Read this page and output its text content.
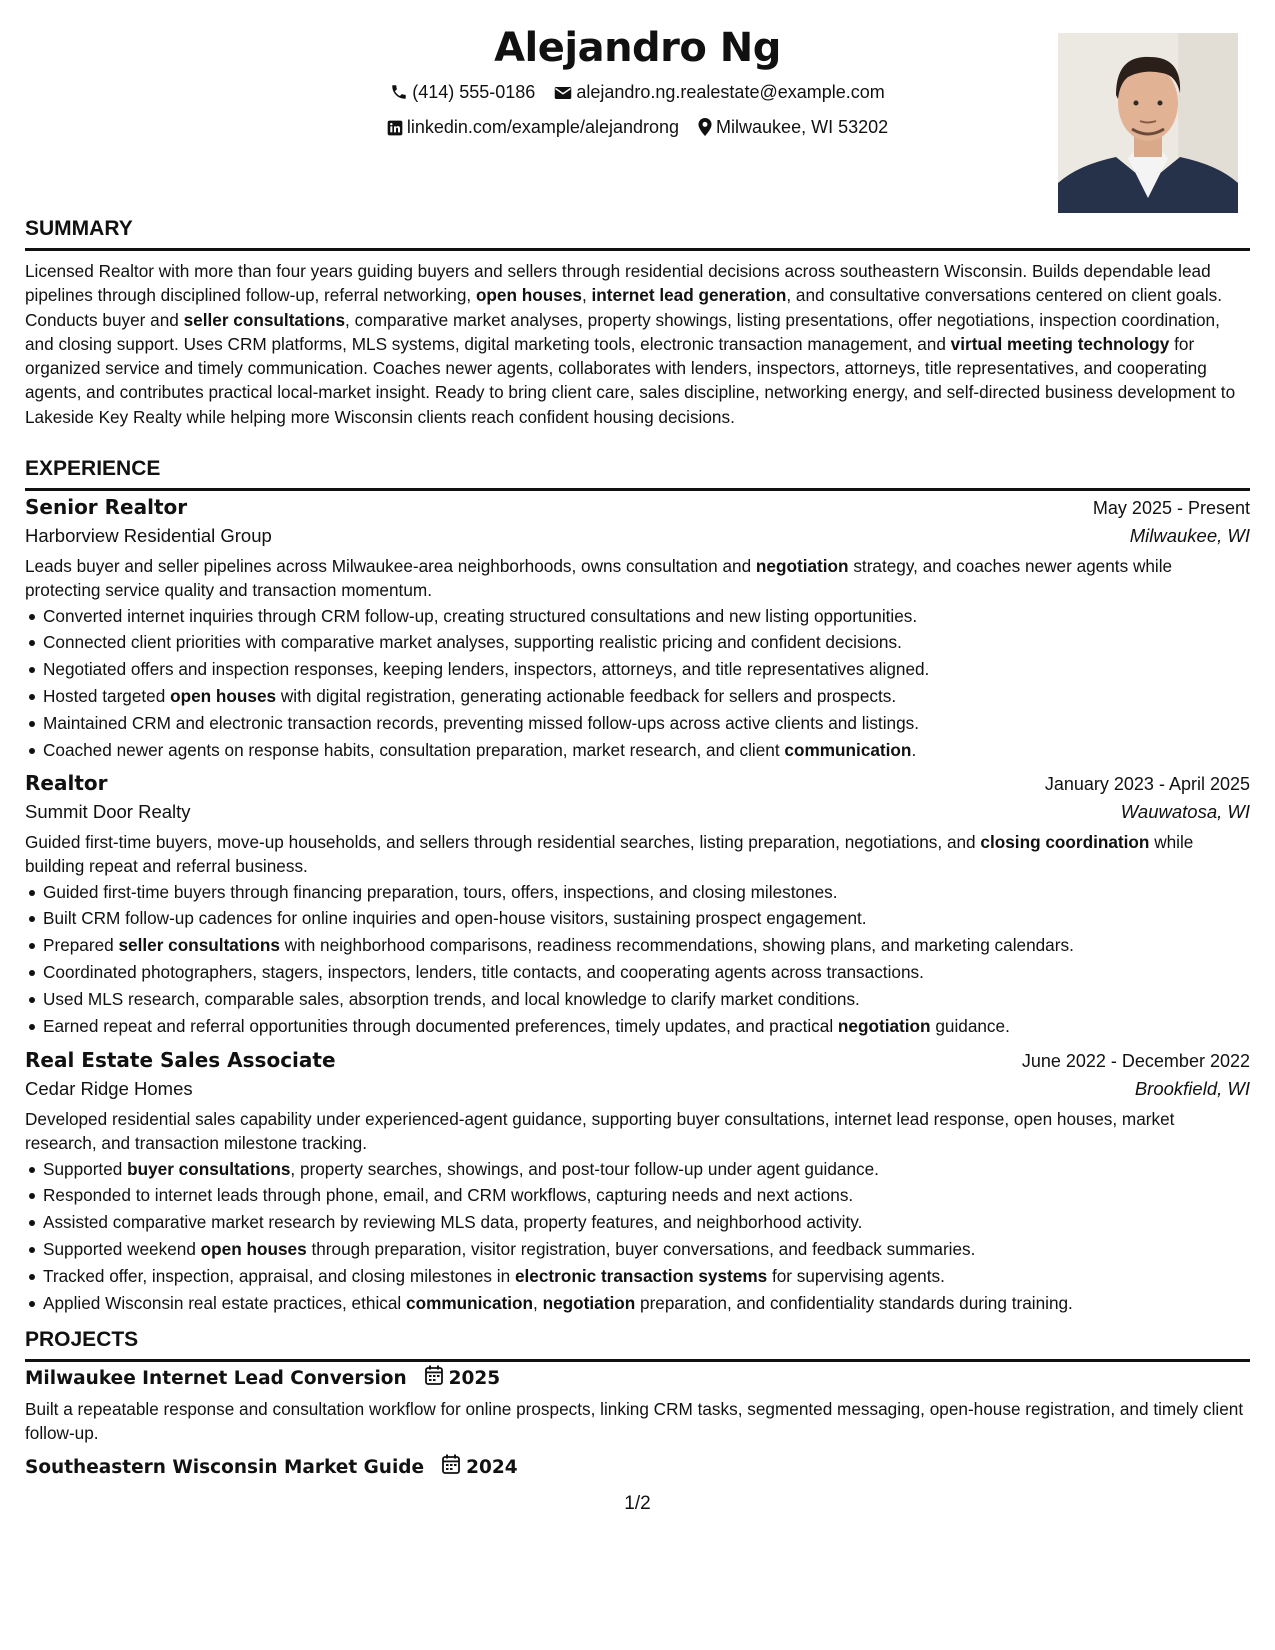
Alejandro Ng
(414) 555-0186 alejandro.ng.realestate@example.com
linkedin.com/example/alejandrong Milwaukee, WI 53202
SUMMARY

Licensed Realtor with more than four years guiding buyers and sellers through residential decisions across southeastern Wisconsin. Builds dependable lead pipelines through disciplined follow-up, referral networking, open houses, internet lead generation, and consultative conversations centered on client goals. Conducts buyer and seller consultations, comparative market analyses, property showings, listing presentations, offer negotiations, inspection coordination, and closing support. Uses CRM platforms, MLS systems, digital marketing tools, electronic transaction management, and virtual meeting technology for organized service and timely communication. Coaches newer agents, collaborates with lenders, inspectors, attorneys, title representatives, and cooperating agents, and contributes practical local-market insight. Ready to bring client care, sales discipline, networking energy, and self-directed business development to Lakeside Key Realty while helping more Wisconsin clients reach confident housing decisions.

EXPERIENCE
Senior Realtor	May 2025 - Present
Harborview Residential Group	Milwaukee, WI

Leads buyer and seller pipelines across Milwaukee-area neighborhoods, owns consultation and negotiation strategy, and coaches newer agents while protecting service quality and transaction momentum.

Converted internet inquiries through CRM follow-up, creating structured consultations and new listing opportunities.
Connected client priorities with comparative market analyses, supporting realistic pricing and confident decisions.
Negotiated offers and inspection responses, keeping lenders, inspectors, attorneys, and title representatives aligned.
Hosted targeted open houses with digital registration, generating actionable feedback for sellers and prospects.
Maintained CRM and electronic transaction records, preventing missed follow-ups across active clients and listings.
Coached newer agents on response habits, consultation preparation, market research, and client communication.
Realtor	January 2023 - April 2025
Summit Door Realty	Wauwatosa, WI

Guided first-time buyers, move-up households, and sellers through residential searches, listing preparation, negotiations, and closing coordination while building repeat and referral business.

Guided first-time buyers through financing preparation, tours, offers, inspections, and closing milestones.
Built CRM follow-up cadences for online inquiries and open-house visitors, sustaining prospect engagement.
Prepared seller consultations with neighborhood comparisons, readiness recommendations, showing plans, and marketing calendars.
Coordinated photographers, stagers, inspectors, lenders, title contacts, and cooperating agents across transactions.
Used MLS research, comparable sales, absorption trends, and local knowledge to clarify market conditions.
Earned repeat and referral opportunities through documented preferences, timely updates, and practical negotiation guidance.
Real Estate Sales Associate	June 2022 - December 2022
Cedar Ridge Homes	Brookfield, WI

Developed residential sales capability under experienced-agent guidance, supporting buyer consultations, internet lead response, open houses, market research, and transaction milestone tracking.

Supported buyer consultations, property searches, showings, and post-tour follow-up under agent guidance.
Responded to internet leads through phone, email, and CRM workflows, capturing needs and next actions.
Assisted comparative market research by reviewing MLS data, property features, and neighborhood activity.
Supported weekend open houses through preparation, visitor registration, buyer conversations, and feedback summaries.
Tracked offer, inspection, appraisal, and closing milestones in electronic transaction systems for supervising agents.
Applied Wisconsin real estate practices, ethical communication, negotiation preparation, and confidentiality standards during training.
PROJECTS
Milwaukee Internet Lead Conversion 2025

Built a repeatable response and consultation workflow for online prospects, linking CRM tasks, segmented messaging, open-house registration, and timely client follow-up.

Southeastern Wisconsin Market Guide 2024
1/2
